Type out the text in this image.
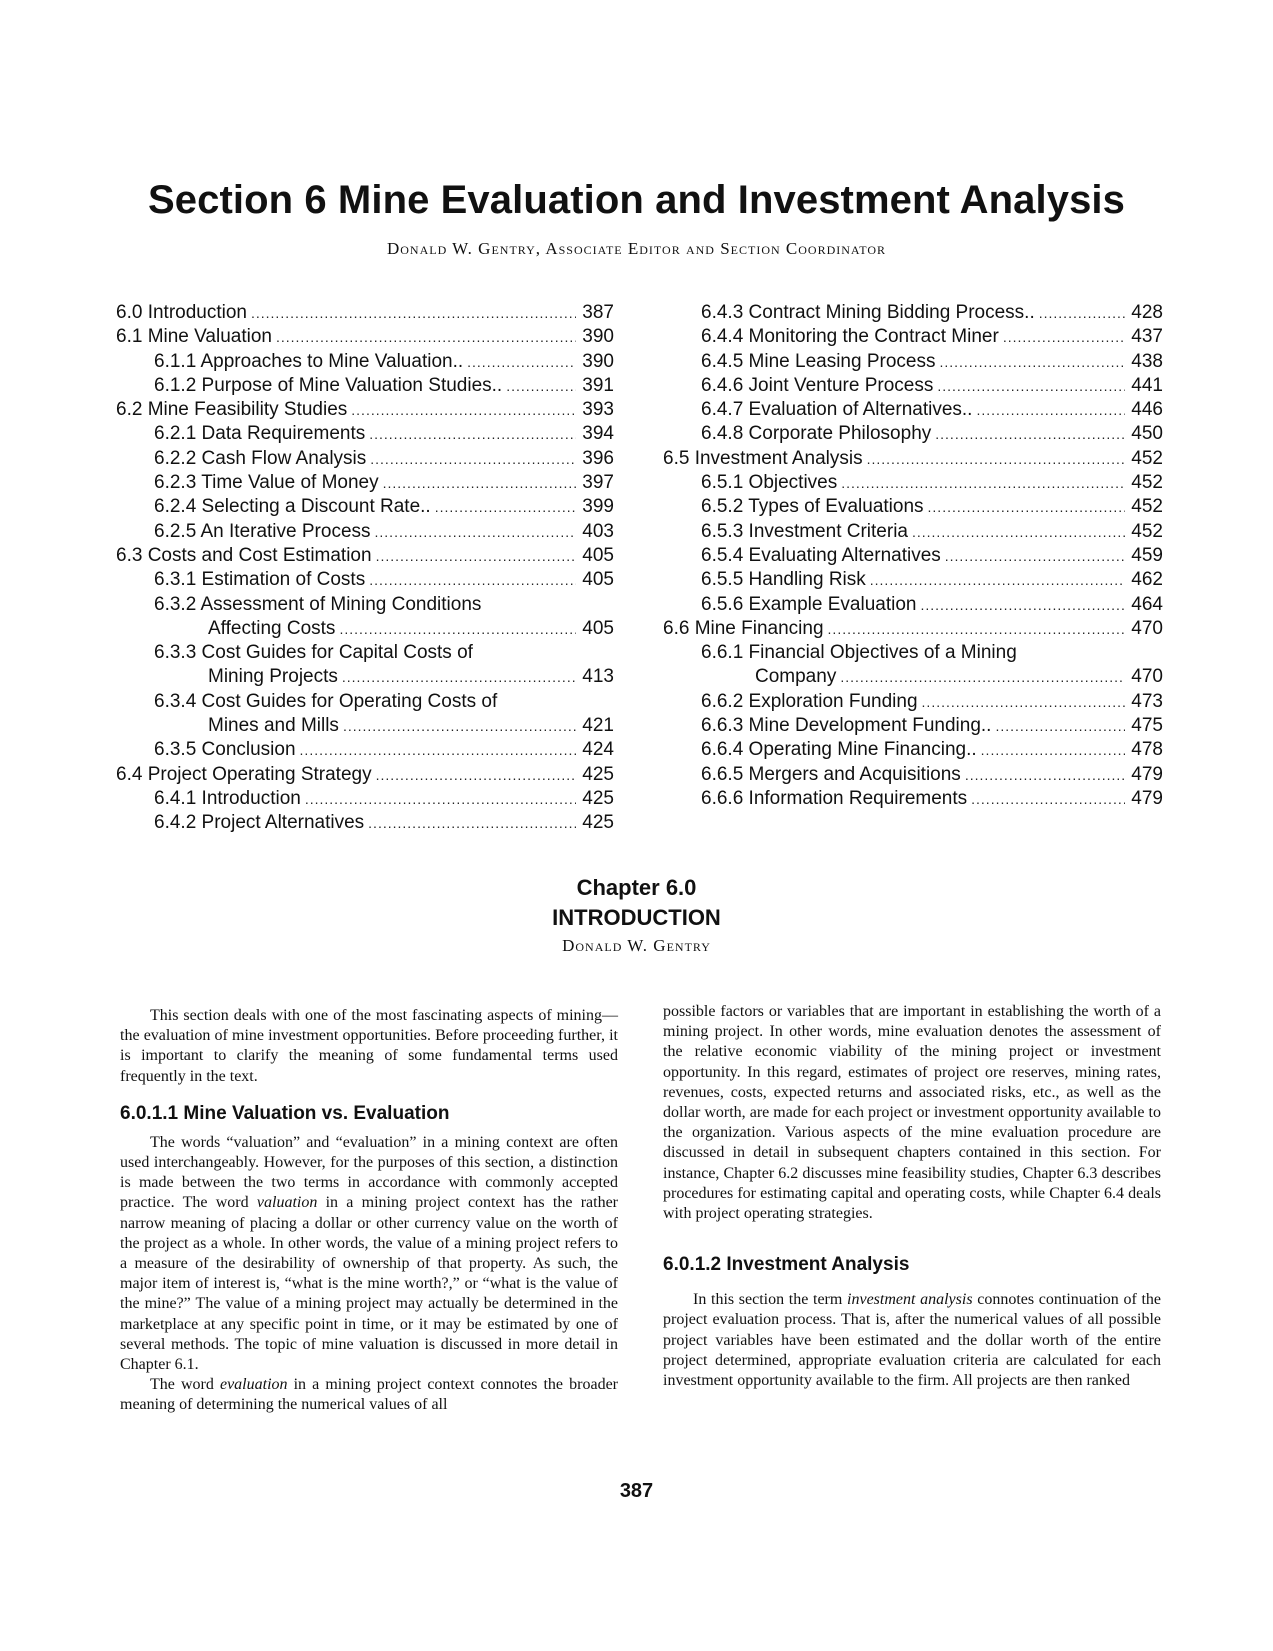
Section 6 Mine Evaluation and Investment Analysis
Donald W. Gentry, Associate Editor and Section Coordinator
6.0 Introduction .....	387
6.1 Mine Valuation .....	390
6.1.1 Approaches to Mine Valuation.. .....	390
6.1.2 Purpose of Mine Valuation Studies.. .....	391
6.2 Mine Feasibility Studies .....	393
6.2.1 Data Requirements .....	394
6.2.2 Cash Flow Analysis .....	396
6.2.3 Time Value of Money .....	397
6.2.4 Selecting a Discount Rate.. .....	399
6.2.5 An Iterative Process .....	403
6.3 Costs and Cost Estimation .....	405
6.3.1 Estimation of Costs .....	405
6.3.2 Assessment of Mining Conditions
Affecting Costs .....	405
6.3.3 Cost Guides for Capital Costs of
Mining Projects .....	413
6.3.4 Cost Guides for Operating Costs of
Mines and Mills .....	421
6.3.5 Conclusion .....	424
6.4 Project Operating Strategy .....	425
6.4.1 Introduction .....	425
6.4.2 Project Alternatives .....	425
6.4.3 Contract Mining Bidding Process.. .....	428
6.4.4 Monitoring the Contract Miner .....	437
6.4.5 Mine Leasing Process .....	438
6.4.6 Joint Venture Process .....	441
6.4.7 Evaluation of Alternatives.. .....	446
6.4.8 Corporate Philosophy .....	450
6.5 Investment Analysis .....	452
6.5.1 Objectives .....	452
6.5.2 Types of Evaluations .....	452
6.5.3 Investment Criteria .....	452
6.5.4 Evaluating Alternatives .....	459
6.5.5 Handling Risk .....	462
6.5.6 Example Evaluation .....	464
6.6 Mine Financing .....	470
6.6.1 Financial Objectives of a Mining
Company .....	470
6.6.2 Exploration Funding .....	473
6.6.3 Mine Development Funding.. .....	475
6.6.4 Operating Mine Financing.. .....	478
6.6.5 Mergers and Acquisitions .....	479
6.6.6 Information Requirements .....	479
Chapter 6.0
INTRODUCTION
Donald W. Gentry

This section deals with one of the most fascinating aspects of mining—the evaluation of mine investment opportunities. Before proceeding further, it is important to clarify the meaning of some fundamental terms used frequently in the text.

6.0.1.1 Mine Valuation vs. Evaluation

The words “valuation” and “evaluation” in a mining context are often used interchangeably. However, for the purposes of this section, a distinction is made between the two terms in accordance with commonly accepted practice. The word valuation in a mining project context has the rather narrow meaning of placing a dollar or other currency value on the worth of the project as a whole. In other words, the value of a mining project refers to a measure of the desirability of ownership of that property. As such, the major item of interest is, “what is the mine worth?,” or “what is the value of the mine?” The value of a mining project may actually be determined in the marketplace at any specific point in time, or it may be estimated by one of several methods. The topic of mine valuation is discussed in more detail in Chapter 6.1.

The word evaluation in a mining project context connotes the broader meaning of determining the numerical values of all

possible factors or variables that are important in establishing the worth of a mining project. In other words, mine evaluation denotes the assessment of the relative economic viability of the mining project or investment opportunity. In this regard, estimates of project ore reserves, mining rates, revenues, costs, expected returns and associated risks, etc., as well as the dollar worth, are made for each project or investment opportunity available to the organization. Various aspects of the mine evaluation procedure are discussed in detail in subsequent chapters contained in this section. For instance, Chapter 6.2 discusses mine feasibility studies, Chapter 6.3 describes procedures for estimating capital and operating costs, while Chapter 6.4 deals with project operating strategies.

6.0.1.2 Investment Analysis

In this section the term investment analysis connotes continuation of the project evaluation process. That is, after the numerical values of all possible project variables have been estimated and the dollar worth of the entire project determined, appropriate evaluation criteria are calculated for each investment opportunity available to the firm. All projects are then ranked

387
